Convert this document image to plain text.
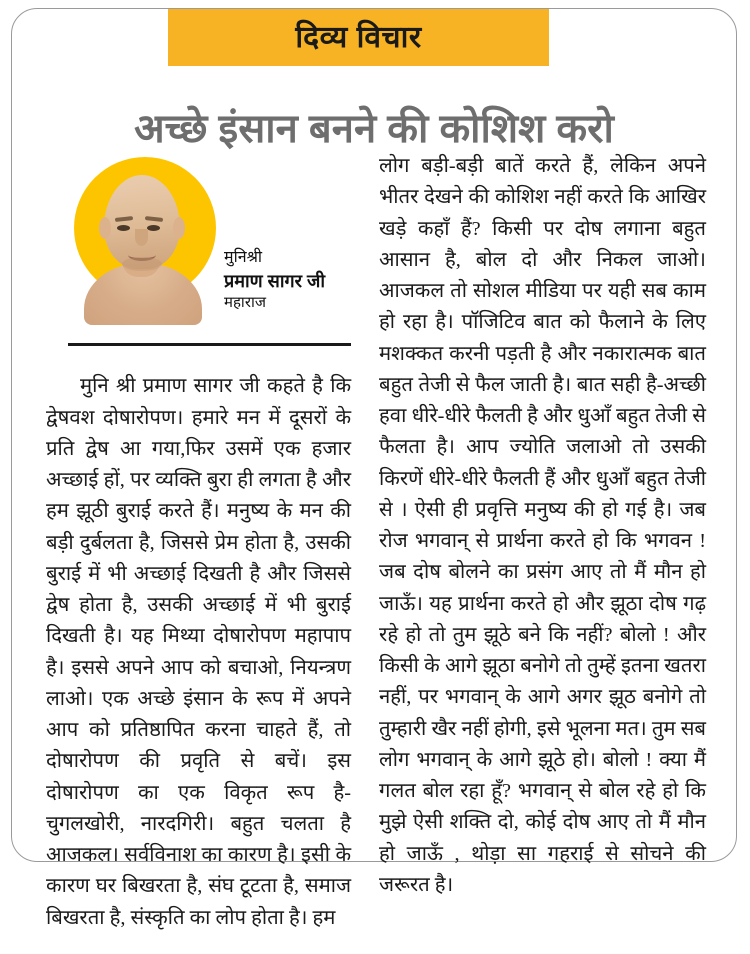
दिव्य विचार
अच्छे इंसान बनने की कोशिश करो
मुनिश्री
प्रमाण सागर जी
महाराज

मुनि श्री प्रमाण सागर जी कहते है कि द्वेषवश दोषारोपण। हमारे मन में दूसरों के प्रति द्वेष आ गया,फिर उसमें एक हजार अच्छाई हों, पर व्यक्ति बुरा ही लगता है और हम झूठी बुराई करते हैं। मनुष्य के मन की बड़ी दुर्बलता है, जिससे प्रेम होता है, उसकी बुराई में भी अच्छाई दिखती है और जिससे द्वेष होता है, उसकी अच्छाई में भी बुराई दिखती है। यह मिथ्या दोषारोपण महापाप है। इससे अपने आप को बचाओ, नियन्त्रण लाओ। एक अच्छे इंसान के रूप में अपने आप को प्रतिष्ठापित करना चाहते हैं, तो दोषारोपण की प्रवृति से बचें। इस दोषारोपण का एक विकृत रूप है-चुगलखोरी, नारदगिरी। बहुत चलता है आजकल। सर्वविनाश का कारण है। इसी के कारण घर बिखरता है, संघ टूटता है, समाज बिखरता है, संस्कृति का लोप होता है। हम

लोग बड़ी-बड़ी बातें करते हैं, लेकिन अपने भीतर देखने की कोशिश नहीं करते कि आखिर खड़े कहाँ हैं? किसी पर दोष लगाना बहुत आसान है, बोल दो और निकल जाओ। आजकल तो सोशल मीडिया पर यही सब काम हो रहा है। पॉजिटिव बात को फैलाने के लिए मशक्कत करनी पड़ती है और नकारात्मक बात बहुत तेजी से फैल जाती है। बात सही है-अच्छी हवा धीरे-धीरे फैलती है और धुआँ बहुत तेजी से फैलता है। आप ज्योति जलाओ तो उसकी किरणें धीरे-धीरे फैलती हैं और धुआँ बहुत तेजी से । ऐसी ही प्रवृत्ति मनुष्य की हो गई है। जब रोज भगवान् से प्रार्थना करते हो कि भगवन ! जब दोष बोलने का प्रसंग आए तो मैं मौन हो जाऊँ। यह प्रार्थना करते हो और झूठा दोष गढ़ रहे हो तो तुम झूठे बने कि नहीं? बोलो ! और किसी के आगे झूठा बनोगे तो तुम्हें इतना खतरा नहीं, पर भगवान् के आगे अगर झूठ बनोगे तो तुम्हारी खैर नहीं होगी, इसे भूलना मत। तुम सब लोग भगवान् के आगे झूठे हो। बोलो ! क्या मैं गलत बोल रहा हूँ? भगवान् से बोल रहे हो कि मुझे ऐसी शक्ति दो, कोई दोष आए तो मैं मौन हो जाऊँ , थोड़ा सा गहराई से सोचने की जरूरत है।
